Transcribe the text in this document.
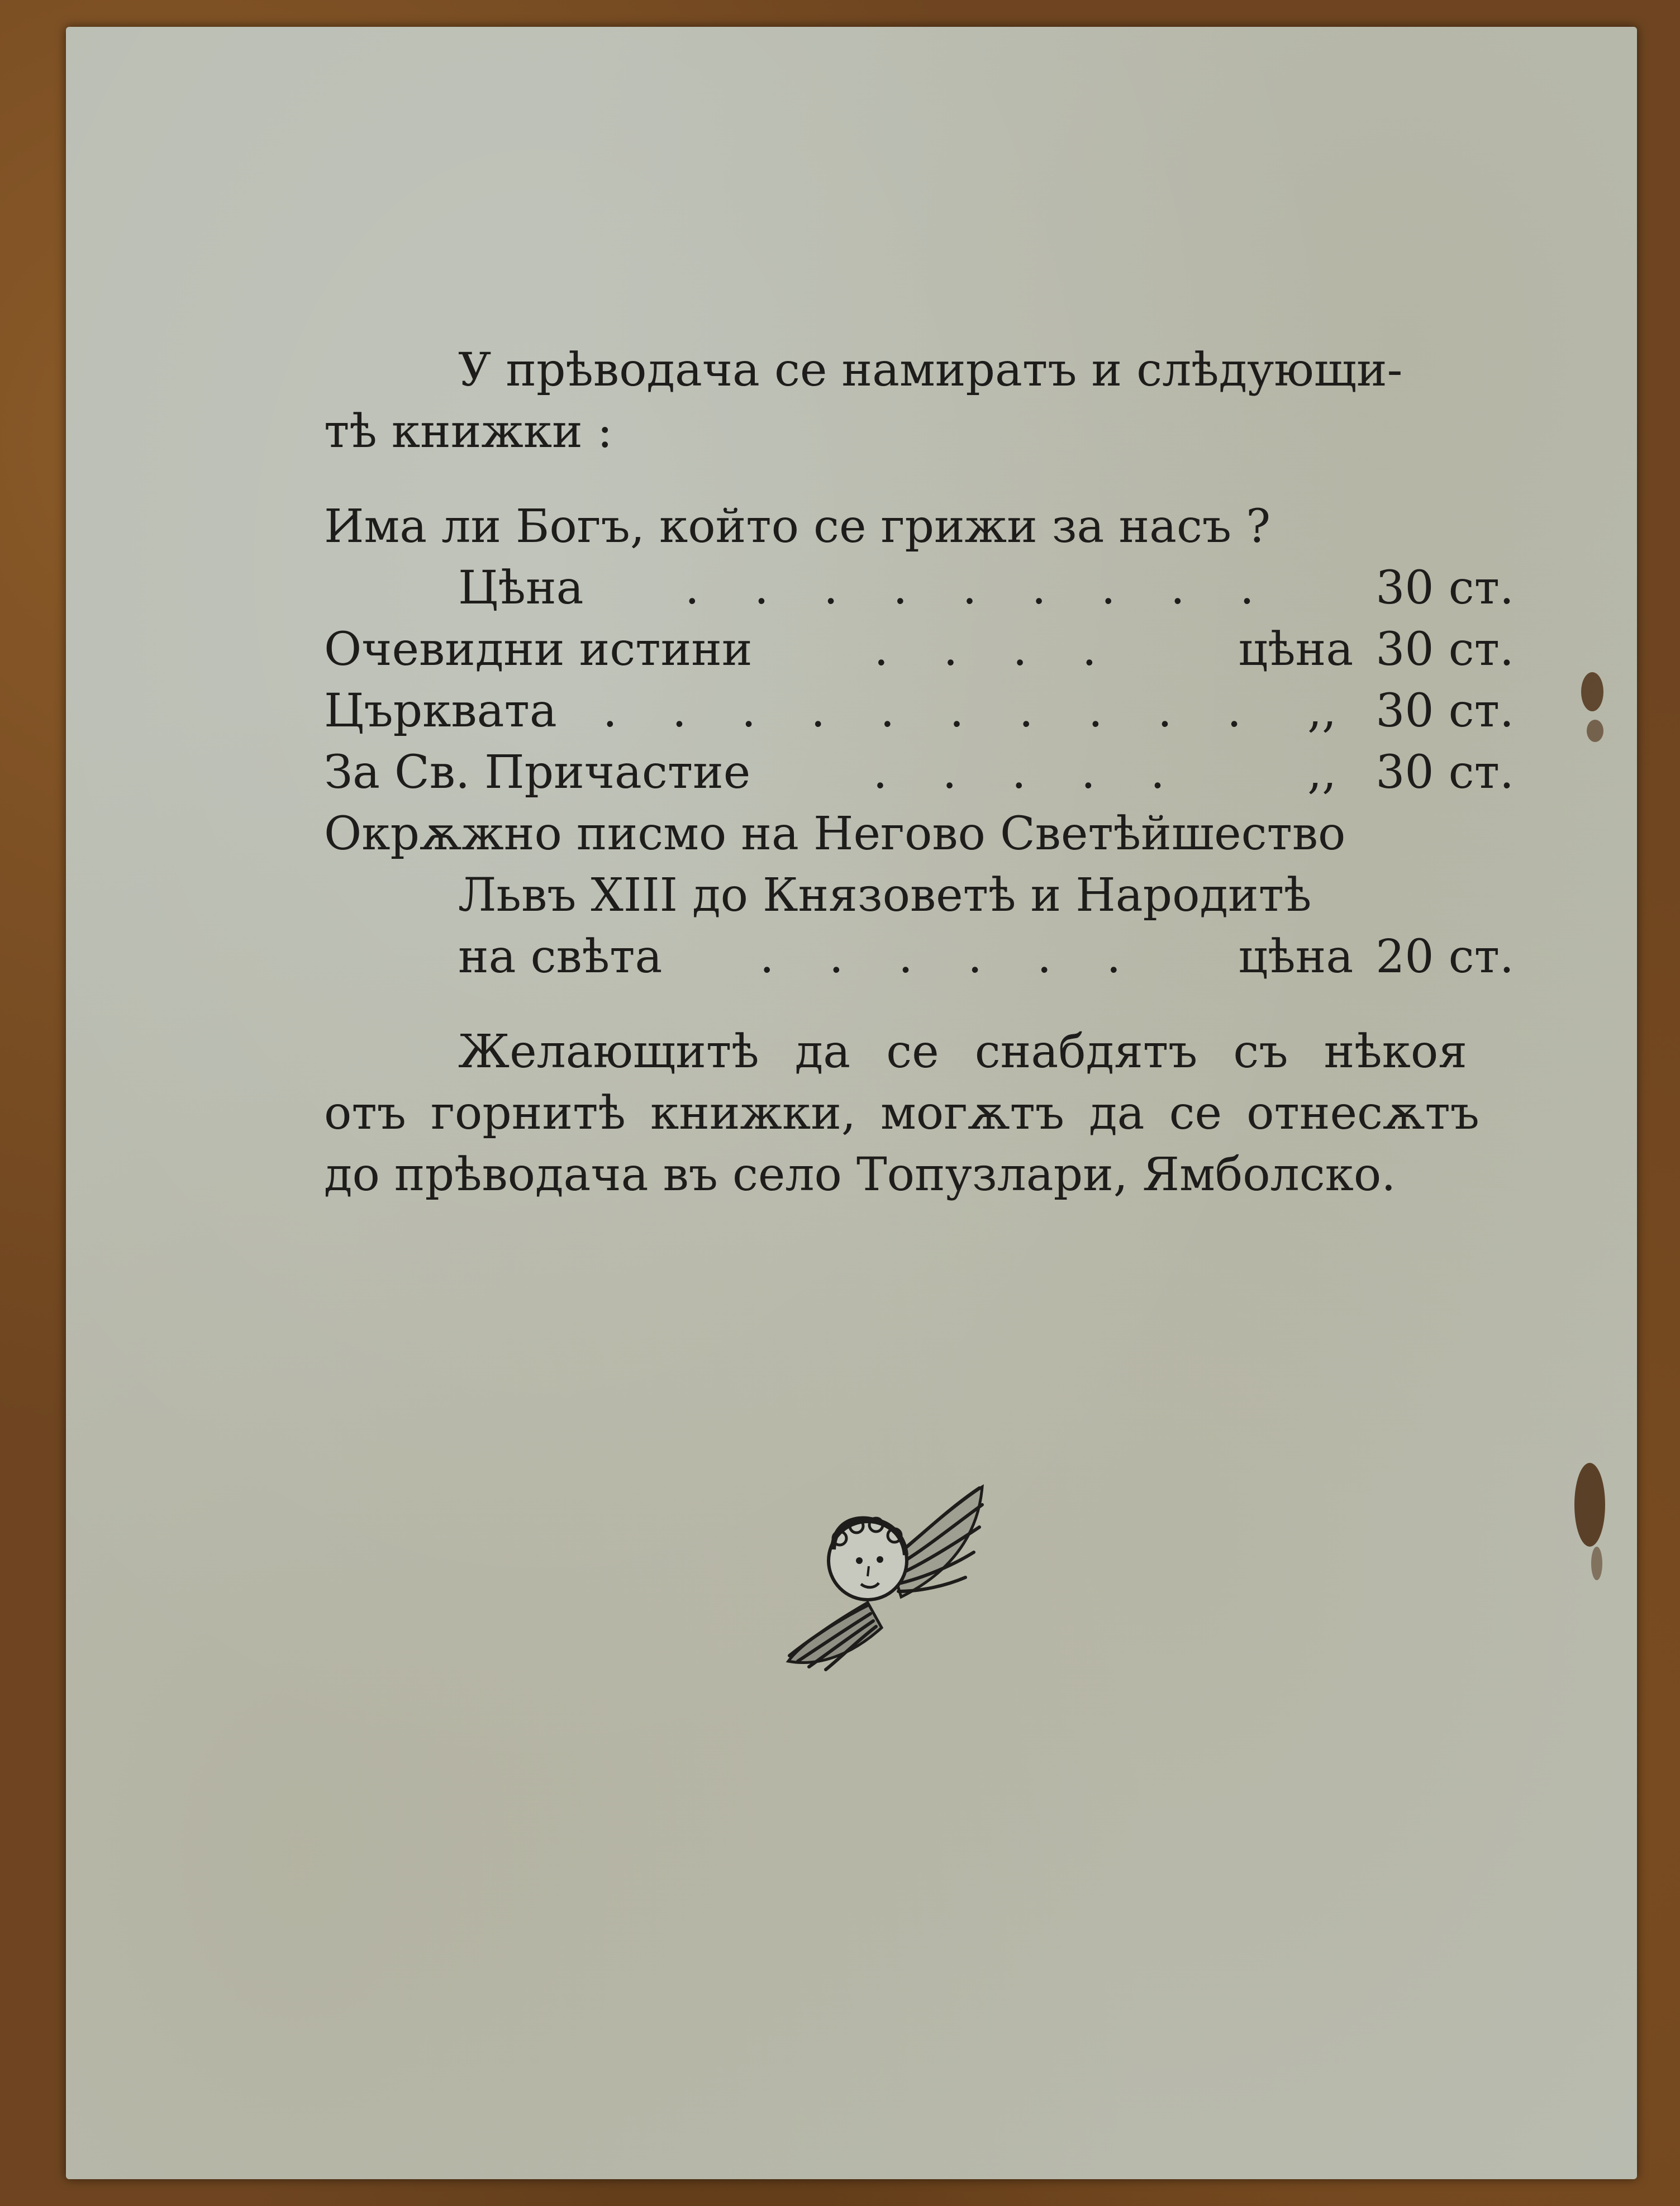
У прѣводача се намиратъ и слѣдующи-
тѣ книжки :
Има ли Богъ, който се грижи за насъ ?
Цѣна	. . . . . . . . .	30 ст.
Очевидни истини	. . . .	цѣна 30 ст.
Църквата	. . . . . . . . . .	,, 30 ст.
За Св. Причастие	. . . . .	,, 30 ст.
Окрѫжно писмо на Негово Светѣйшество
Львъ XIII до Князоветѣ и Народитѣ
на свѣта	. . . . . .	цѣна 20 ст.
Желающитѣ да се снабдятъ съ нѣкоя
отъ горнитѣ книжки, могѫтъ да се отнесѫтъ
до прѣводача въ село Топузлари, Ямболско.
